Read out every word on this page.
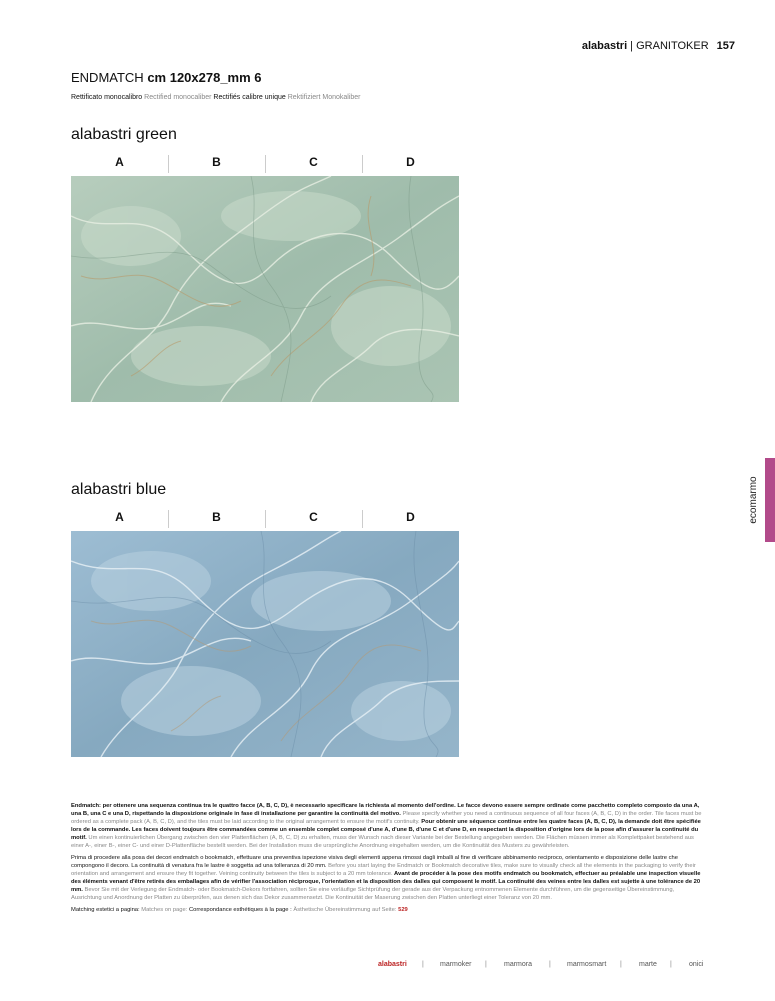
alabastri | GRANITOKER 157
ENDMATCH cm 120x278_mm 6
Rettificato monocalibro Rectified monocaliber Rectifiés calibre unique Rektifiziert Monokaliber
alabastri green
A	B	C	D
alabastri blue
A	B	C	D	ecomarmo

Endmatch: per ottenere una sequenza continua tra le quattro facce (A, B, C, D), è necessario specificare la richiesta al momento dell'ordine. Le facce devono essere sempre ordinate come pacchetto completo composto da una A, una B, una C e una D, rispettando la disposizione originale in fase di installazione per garantire la continuità del motivo. Please specify whether you need a continuous sequence of all four faces (A, B, C, D) in the order. Tile faces must be ordered as a complete pack (A, B, C, D), and the tiles must be laid according to the original arrangement to ensure the motif's continuity. Pour obtenir une séquence continue entre les quatre faces (A, B, C, D), la demande doit être spécifiée lors de la commande. Les faces doivent toujours être commandées comme un ensemble complet composé d'une A, d'une B, d'une C et d'une D, en respectant la disposition d'origine lors de la pose afin d'assurer la continuité du motif. Um einen kontinuierlichen Übergang zwischen den vier Plattenflächen (A, B, C, D) zu erhalten, muss der Wunsch nach dieser Variante bei der Bestellung angegeben werden. Die Flächen müssen immer als Komplettpaket bestehend aus einer A-, einer B-, einer C- und einer D-Plattenfläche bestellt werden. Bei der Installation muss die ursprüngliche Anordnung eingehalten werden, um die Kontinuität des Musters zu gewährleisten.

Prima di procedere alla posa dei decori endmatch o bookmatch, effettuare una preventiva ispezione visiva degli elementi appena rimossi dagli imballi al fine di verificare abbinamento reciproco, orientamento e disposizione delle lastre che compongono il decoro. La continuità di venatura fra le lastre è soggetta ad una tolleranza di 20 mm. Before you start laying the Endmatch or Bookmatch decorative tiles, make sure to visually check all the elements in the packaging to verify their orientation and arrangement and ensure they fit together. Veining continuity between the tiles is subject to a 20 mm tolerance. Avant de procéder à la pose des motifs endmatch ou bookmatch, effectuer au préalable une inspection visuelle des éléments venant d'être retirés des emballages afin de vérifier l'association réciproque, l'orientation et la disposition des dalles qui composent le motif. La continuité des veines entre les dalles est sujette à une tolérance de 20 mm. Bevor Sie mit der Verlegung der Endmatch- oder Bookmatch-Dekors fortfahren, sollten Sie eine vorläufige Sichtprüfung der gerade aus der Verpackung entnommenen Elemente durchführen, um die gegenseitige Übereinstimmung, Ausrichtung und Anordnung der Platten zu überprüfen, aus denen sich das Dekor zusammensetzt. Die Kontinuität der Maserung zwischen den Platten unterliegt einer Toleranz von 20 mm.

Matching estetici a pagina: Matches on page: Correspondance esthétiques à la page : Ästhetische Übereinstimmung auf Seite: 529

alabastri | marmoker | marmora | marmosmart | marte | onici
